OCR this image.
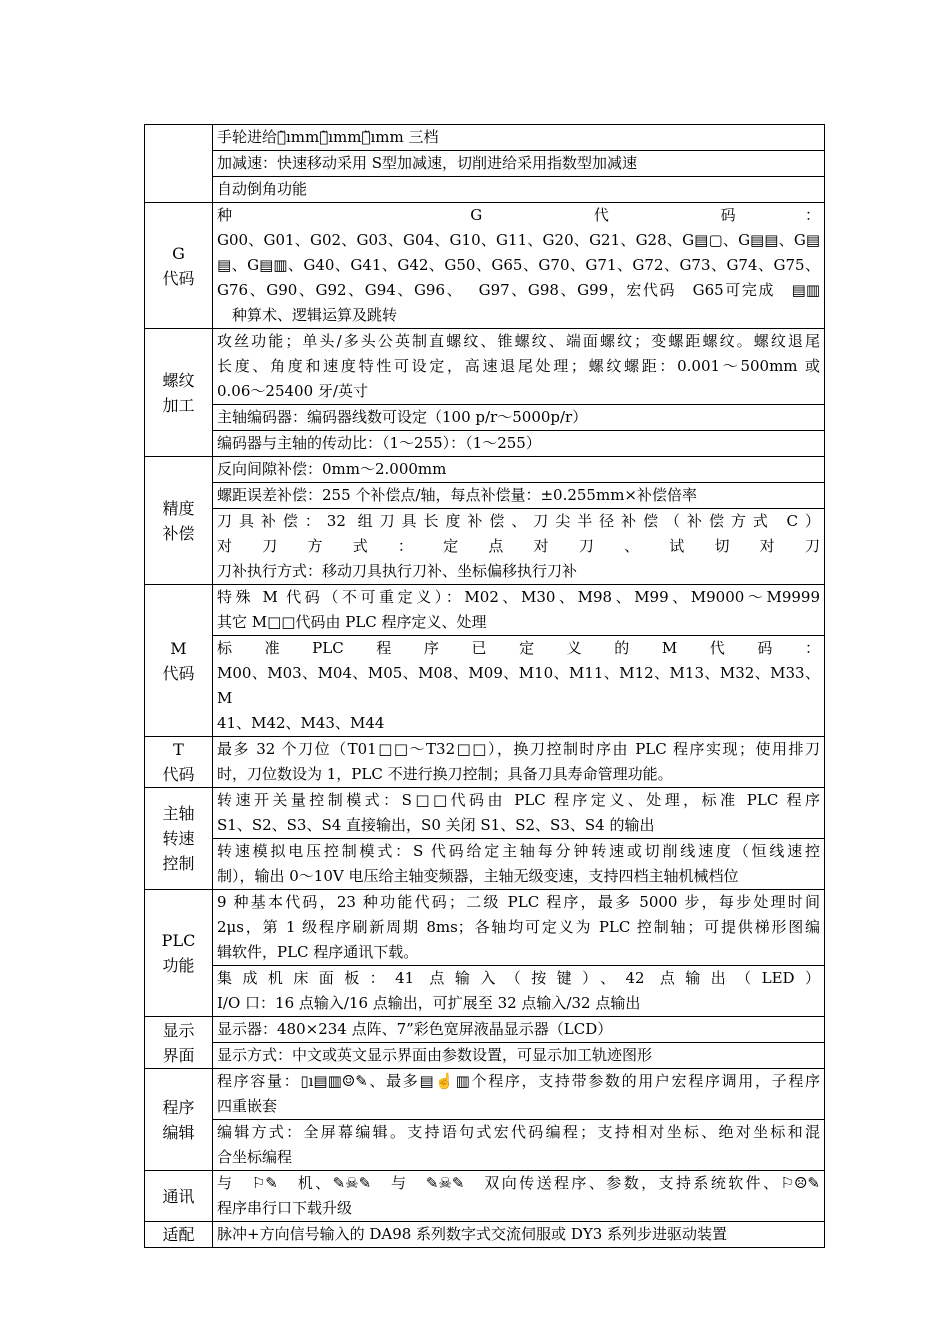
	手轮进给：̃ımm、̃ımm、̃ımm 三档

	加减速：快速移动采用 S型加减速，切削进给采用指数型加减速

	自动倒角功能

G
代码	种　　　　　G　　代　　码　：
G00、G01、G02、G03、G04、G10、G11、G20、G21、G28、G▤▢、G▤▤、G▤
▤、G▤▥、G40、G41、G42、G50、G65、G70、G71、G72、G73、G74、G75、
G76、G90、G92、G94、G96、　 G97、G98、G99，宏代码　G65可完成　▤▥
　种算术、逻辑运算及跳转

螺纹
加工	攻丝功能；单头/多头公英制直螺纹、锥螺纹、端面螺纹；变螺距螺纹。螺纹退尾
长度、角度和速度特性可设定，高速退尾处理；螺纹螺距：0.001～500mm 或
0.06～25400 牙/英寸

	主轴编码器：编码器线数可设定（100 p/r～5000p/r）

	编码器与主轴的传动比：（1～255）：（1～255）

精度
补偿	反向间隙补偿：0mm～2.000mm

	螺距误差补偿：255 个补偿点/轴，每点补偿量：±0.255mm×补偿倍率

	刀具补偿：32 组刀具长度补偿、刀尖半径补偿（补偿方式 C）
对刀方式：定点对刀、试切对刀
刀补执行方式：移动刀具执行刀补、坐标偏移执行刀补

M
代码	特殊 M 代码（不可重定义）：M02、M30、M98、M99、M9000～M9999
其它 M□□代码由 PLC 程序定义、处理

	标　准　PLC　程　序　已　定　义　的　M　代　码　：
M00、M03、M04、M05、M08、M09、M10、M11、M12、M13、M32、M33、M
41、M42、M43、M44

T
代码	最多 32 个刀位（T01□□～T32□□），换刀控制时序由 PLC 程序实现；使用排刀
时，刀位数设为 1，PLC 不进行换刀控制；具备刀具寿命管理功能。

主轴
转速
控制	转速开关量控制模式：S□□代码由 PLC 程序定义、处理，标准 PLC 程序
S1、S2、S3、S4 直接输出，S0 关闭 S1、S2、S3、S4 的输出

	转速模拟电压控制模式：S 代码给定主轴每分钟转速或切削线速度（恒线速控
制），输出 0～10V 电压给主轴变频器，主轴无级变速，支持四档主轴机械档位

PLC
功能	9 种基本代码，23 种功能代码；二级 PLC 程序，最多 5000 步，每步处理时间
2μs，第 1 级程序刷新周期 8ms；各轴均可定义为 PLC 控制轴；可提供梯形图编
辑软件，PLC 程序通讯下载。

	集成机床面板：41 点输入（按键）、42 点输出（LED）
I/O 口：16 点输入/16 点输出，可扩展至 32 点输入/32 点输出

显示
界面	显示器：480×234 点阵、7”彩色宽屏液晶显示器（LCD）

	显示方式：中文或英文显示界面由参数设置，可显示加工轨迹图形

程序
编辑	程序容量：▯ı▤▥☺✎、最多▤☝▥个程序，支持带参数的用户宏程序调用，子程序
四重嵌套

	编辑方式：全屏幕编辑。支持语句式宏代码编程；支持相对坐标、绝对坐标和混
合坐标编程

通讯	与　⚐✎　机、✎☠✎　与　✎☠✎　双向传送程序、参数，支持系统软件、⚐☹✎
程序串行口下载升级

适配	脉冲+方向信号输入的 DA98 系列数字式交流伺服或 DY3 系列步进驱动装置
